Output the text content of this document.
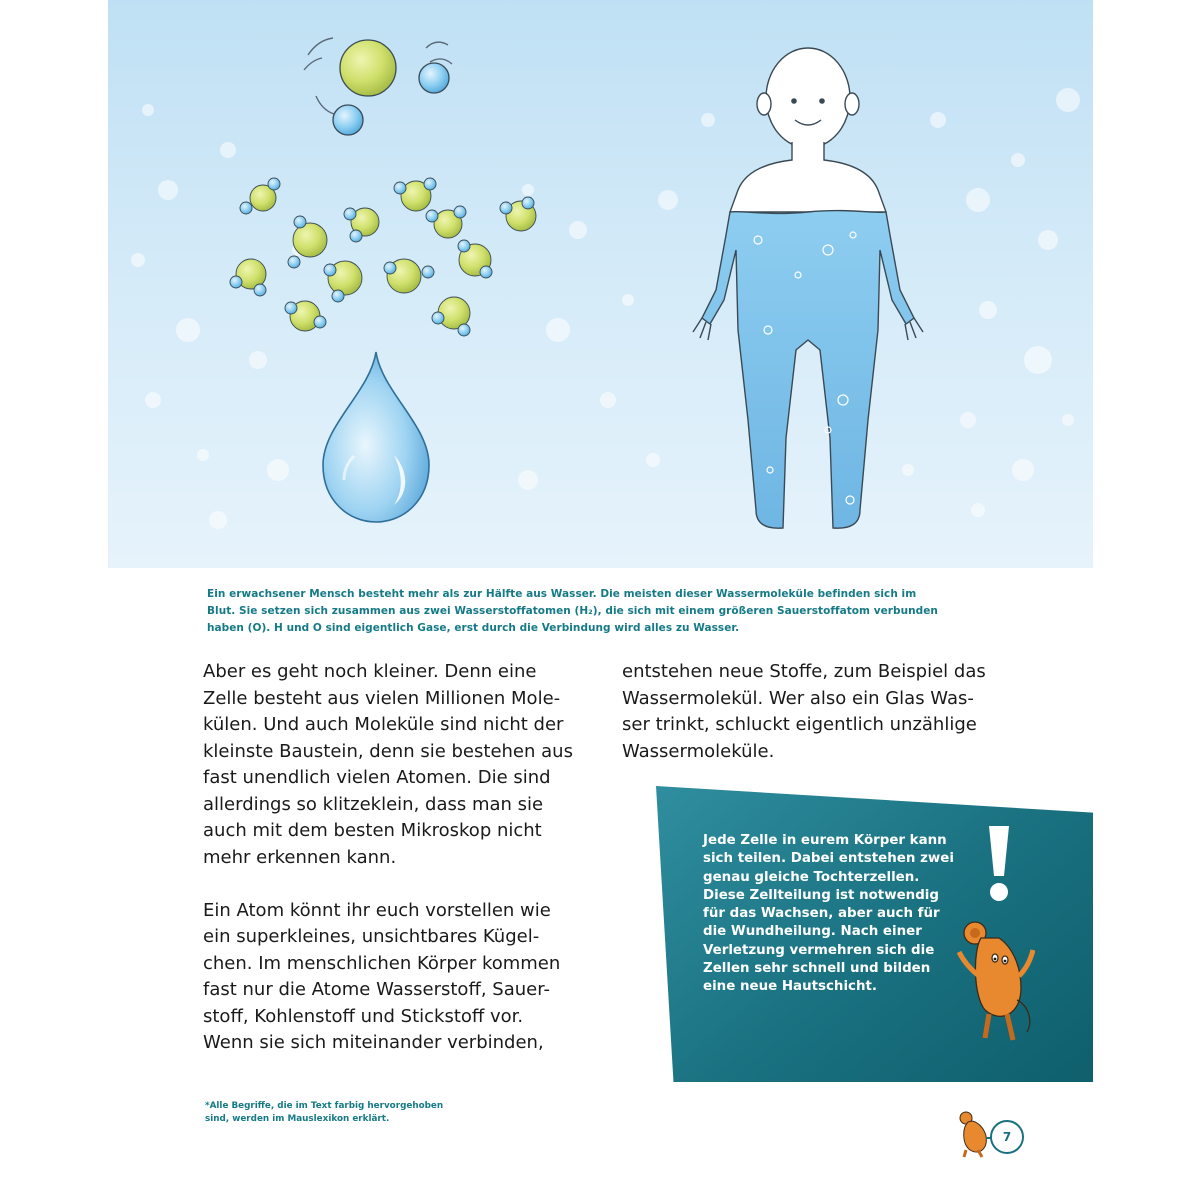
Ein erwachsener Mensch besteht mehr als zur Hälfte aus Wasser. Die meisten dieser Wassermoleküle befinden sich im

Blut. Sie setzen sich zusammen aus zwei Wasserstoffatomen (H₂), die sich mit einem größeren Sauerstoffatom verbunden

haben (O). H und O sind eigentlich Gase, erst durch die Verbindung wird alles zu Wasser.

Aber es geht noch kleiner. Denn eine

Zelle besteht aus vielen Millionen Mole-

külen. Und auch Moleküle sind nicht der

kleinste Baustein, denn sie bestehen aus

fast unendlich vielen Atomen. Die sind

allerdings so klitzeklein, dass man sie

auch mit dem besten Mikroskop nicht

mehr erkennen kann.

Ein Atom könnt ihr euch vorstellen wie

ein superkleines, unsichtbares Kügel-

chen. Im menschlichen Körper kommen

fast nur die Atome Wasserstoff, Sauer-

stoff, Kohlenstoff und Stickstoff vor.

Wenn sie sich miteinander verbinden,

entstehen neue Stoffe, zum Beispiel das

Wassermolekül. Wer also ein Glas Was-

ser trinkt, schluckt eigentlich unzählige

Wassermoleküle.

Jede Zelle in eurem Körper kann

sich teilen. Dabei entstehen zwei

genau gleiche Tochterzellen.

Diese Zellteilung ist notwendig

für das Wachsen, aber auch für

die Wundheilung. Nach einer

Verletzung vermehren sich die

Zellen sehr schnell und bilden

eine neue Hautschicht.

*Alle Begriffe, die im Text farbig hervorgehoben

sind, werden im Mauslexikon erklärt.

7
